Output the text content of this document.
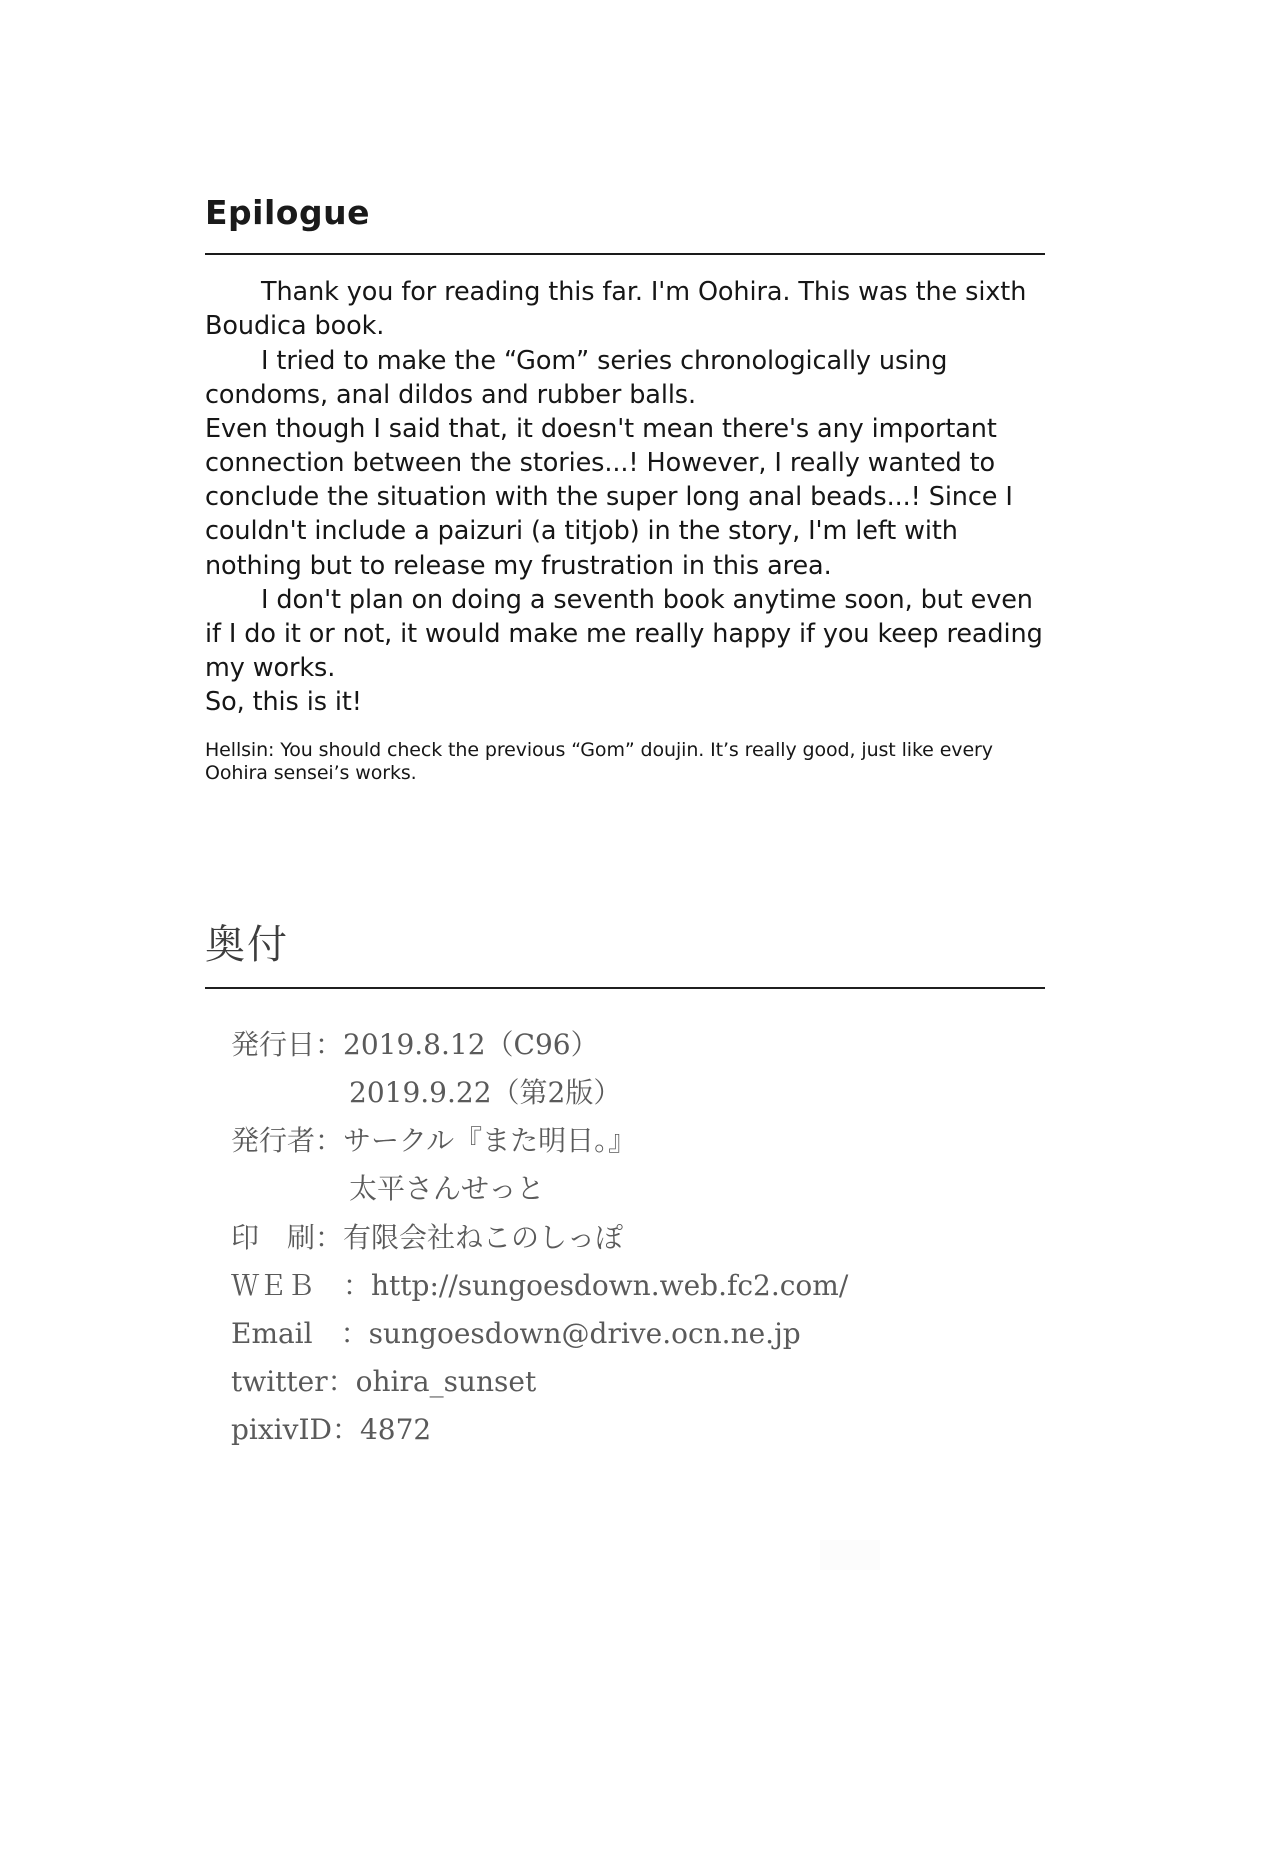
Epilogue

Thank you for reading this far. I'm Oohira. This was the sixth Boudica book.

I tried to make the “Gom” series chronologically using condoms, anal dildos and rubber balls.

Even though I said that, it doesn't mean there's any important connection between the stories...! However, I really wanted to conclude the situation with the super long anal beads...! Since I couldn't include a paizuri (a titjob) in the story, I'm left with nothing but to release my frustration in this area.

I don't plan on doing a seventh book anytime soon, but even if I do it or not, it would make me really happy if you keep reading my works.

So, this is it!

Hellsin: You should check the previous “Gom” doujin. It’s really good, just like every Oohira sensei’s works.
奥付
発行日：2019.8.12（C96）
2019.9.22（第2版）
発行者：サークル『また明日。』
太平さんせっと
印　刷：有限会社ねこのしっぽ
ＷＥＢ　：http://sungoesdown.web.fc2.com/
Email　：sungoesdown@drive.ocn.ne.jp
twitter：ohira_sunset
pixivID：4872
